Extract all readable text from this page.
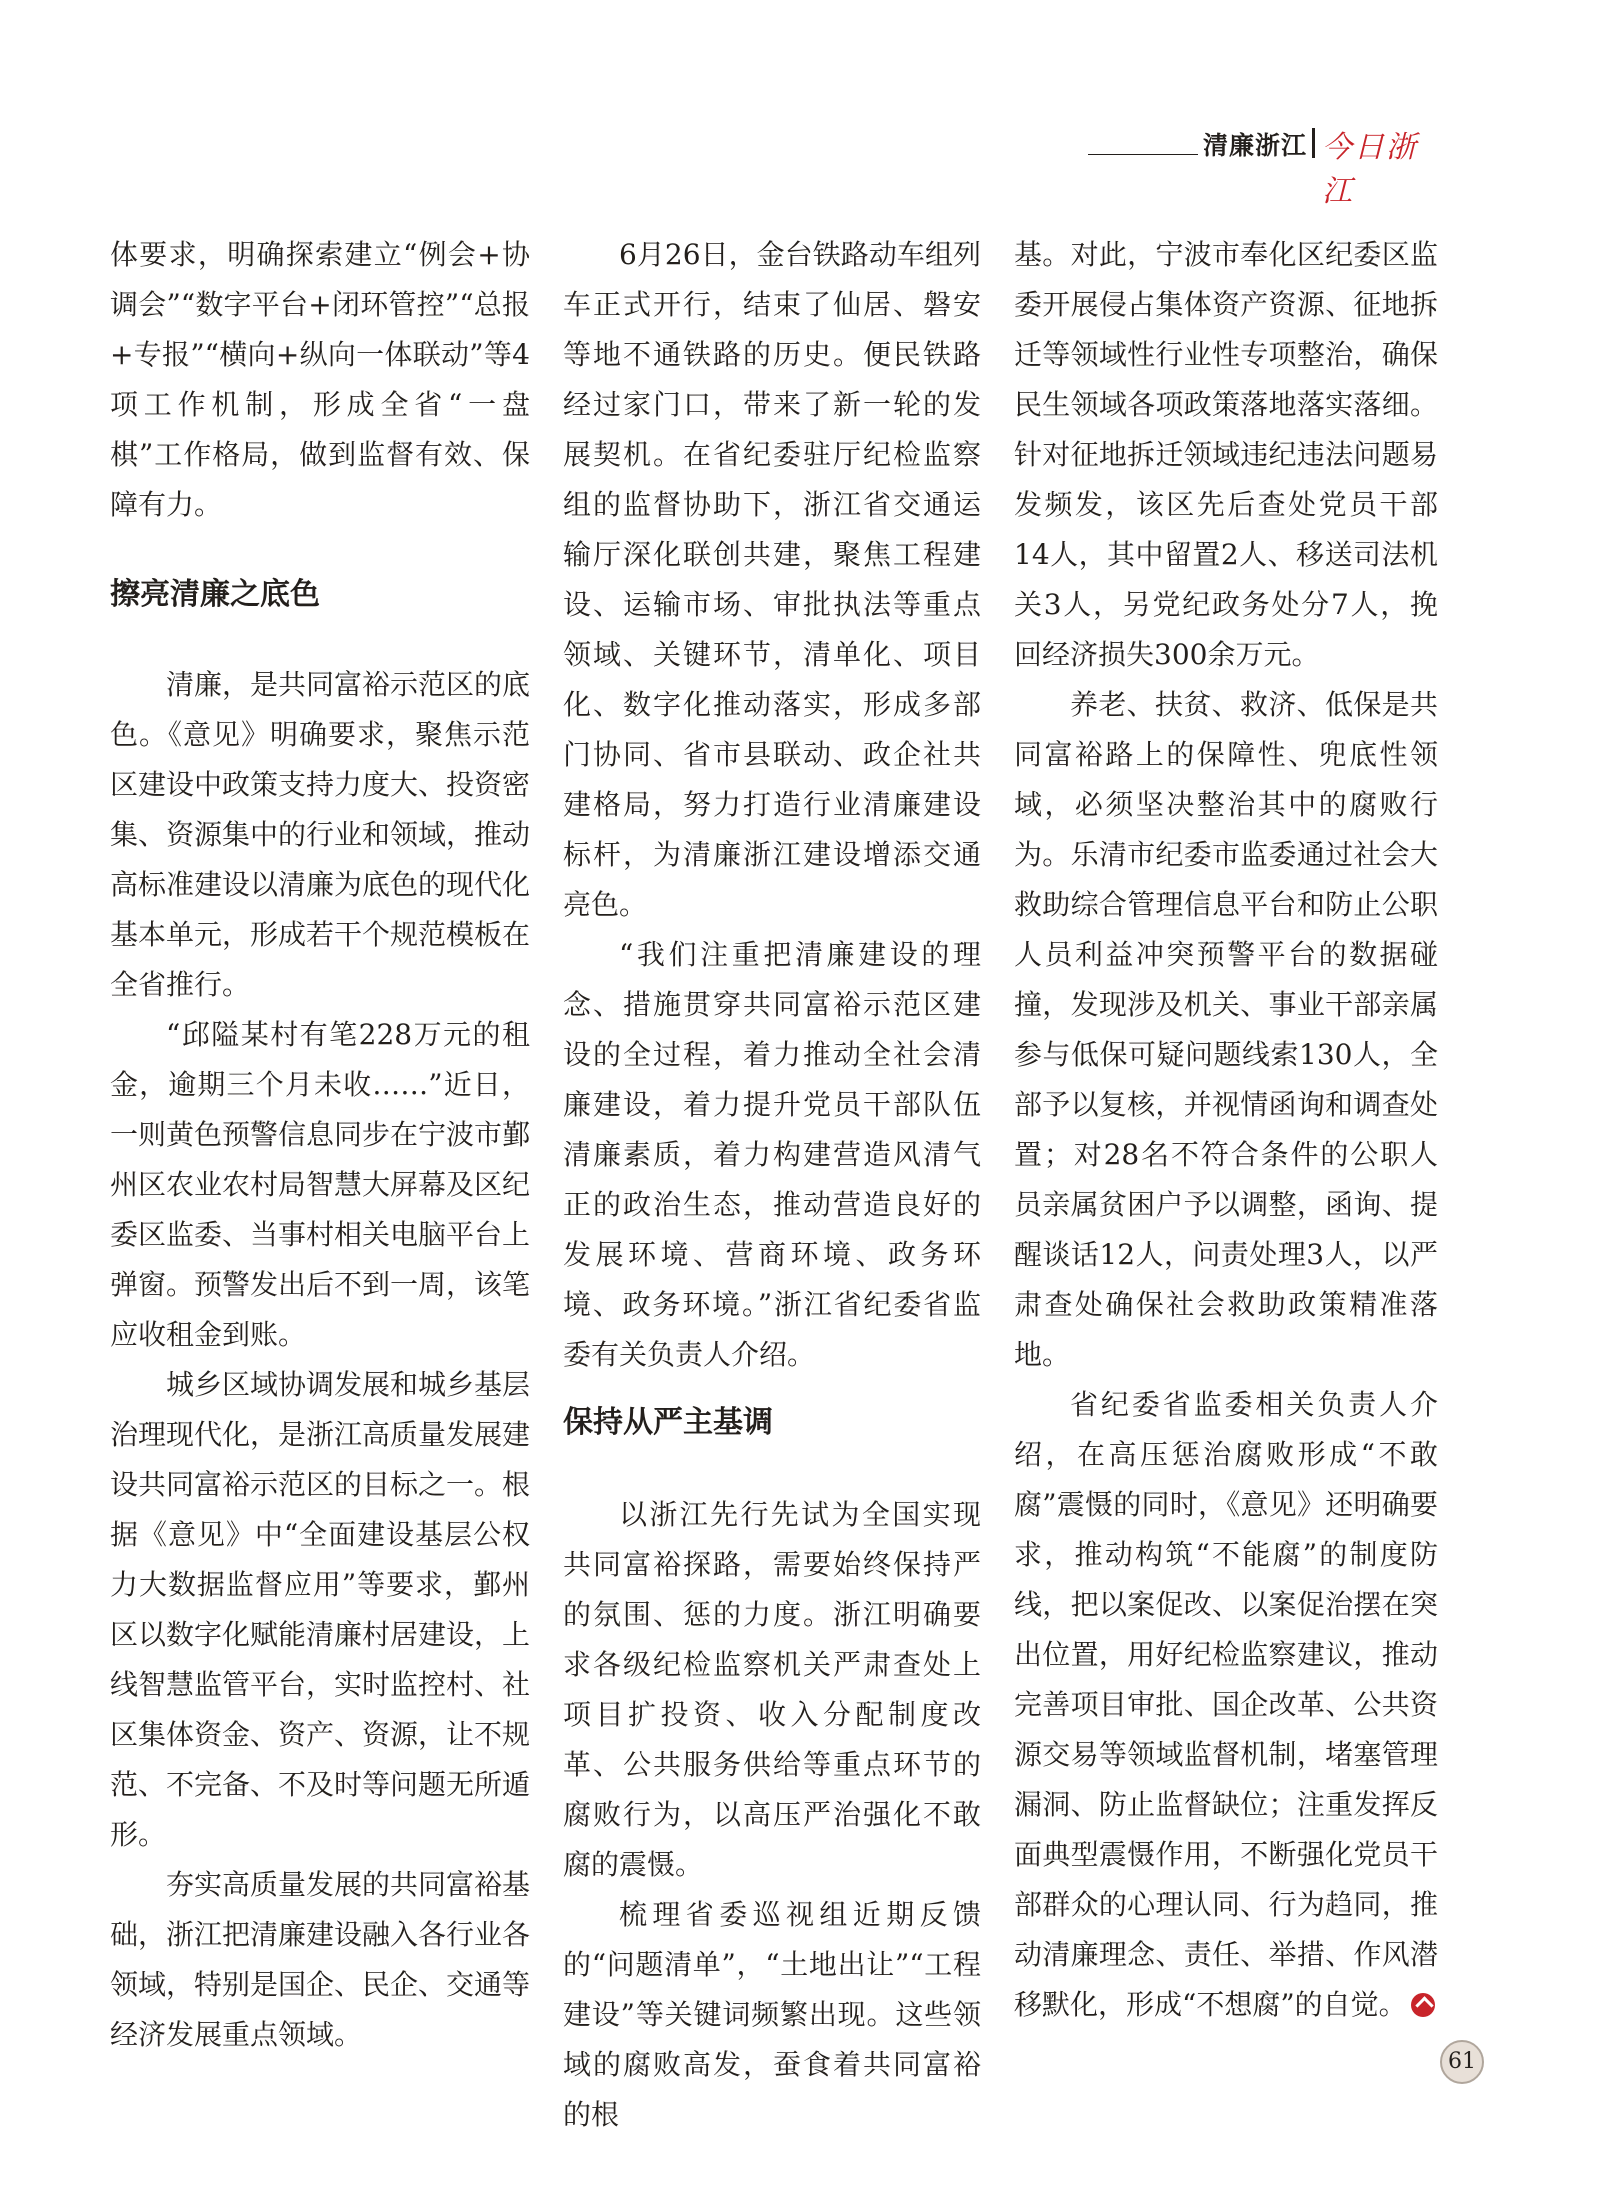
清廉浙江 今日浙江

体要求，明确探索建立“例会+协调会”“数字平台+闭环管控”“总报+专报”“横向+纵向一体联动”等4项工作机制，形成全省“一盘棋”工作格局，做到监督有效、保障有力。

擦亮清廉之底色

清廉，是共同富裕示范区的底色。《意见》明确要求，聚焦示范区建设中政策支持力度大、投资密集、资源集中的行业和领域，推动高标准建设以清廉为底色的现代化基本单元，形成若干个规范模板在全省推行。

“邱隘某村有笔228万元的租金，逾期三个月未收……”近日，一则黄色预警信息同步在宁波市鄞州区农业农村局智慧大屏幕及区纪委区监委、当事村相关电脑平台上弹窗。预警发出后不到一周，该笔应收租金到账。

城乡区域协调发展和城乡基层治理现代化，是浙江高质量发展建设共同富裕示范区的目标之一。根据《意见》中“全面建设基层公权力大数据监督应用”等要求，鄞州区以数字化赋能清廉村居建设，上线智慧监管平台，实时监控村、社区集体资金、资产、资源，让不规范、不完备、不及时等问题无所遁形。

夯实高质量发展的共同富裕基础，浙江把清廉建设融入各行业各领域，特别是国企、民企、交通等经济发展重点领域。

6月26日，金台铁路动车组列车正式开行，结束了仙居、磐安等地不通铁路的历史。便民铁路经过家门口，带来了新一轮的发展契机。在省纪委驻厅纪检监察组的监督协助下，浙江省交通运输厅深化联创共建，聚焦工程建设、运输市场、审批执法等重点领域、关键环节，清单化、项目化、数字化推动落实，形成多部门协同、省市县联动、政企社共建格局，努力打造行业清廉建设标杆，为清廉浙江建设增添交通亮色。

“我们注重把清廉建设的理念、措施贯穿共同富裕示范区建设的全过程，着力推动全社会清廉建设，着力提升党员干部队伍清廉素质，着力构建营造风清气正的政治生态，推动营造良好的发展环境、营商环境、政务环境、政务环境。”浙江省纪委省监委有关负责人介绍。

保持从严主基调

以浙江先行先试为全国实现共同富裕探路，需要始终保持严的氛围、惩的力度。浙江明确要求各级纪检监察机关严肃查处上项目扩投资、收入分配制度改革、公共服务供给等重点环节的腐败行为，以高压严治强化不敢腐的震慑。

梳理省委巡视组近期反馈的“问题清单”，“土地出让”“工程建设”等关键词频繁出现。这些领域的腐败高发，蚕食着共同富裕的根

基。对此，宁波市奉化区纪委区监委开展侵占集体资产资源、征地拆迁等领域性行业性专项整治，确保民生领域各项政策落地落实落细。针对征地拆迁领域违纪违法问题易发频发，该区先后查处党员干部14人，其中留置2人、移送司法机关3人，另党纪政务处分7人，挽回经济损失300余万元。

养老、扶贫、救济、低保是共同富裕路上的保障性、兜底性领域，必须坚决整治其中的腐败行为。乐清市纪委市监委通过社会大救助综合管理信息平台和防止公职人员利益冲突预警平台的数据碰撞，发现涉及机关、事业干部亲属参与低保可疑问题线索130人，全部予以复核，并视情函询和调查处置；对28名不符合条件的公职人员亲属贫困户予以调整，函询、提醒谈话12人，问责处理3人，以严肃查处确保社会救助政策精准落地。

省纪委省监委相关负责人介绍，在高压惩治腐败形成“不敢腐”震慑的同时，《意见》还明确要求，推动构筑“不能腐”的制度防线，把以案促改、以案促治摆在突出位置，用好纪检监察建议，推动完善项目审批、国企改革、公共资源交易等领域监督机制，堵塞管理漏洞、防止监督缺位；注重发挥反面典型震慑作用，不断强化党员干部群众的心理认同、行为趋同，推动清廉理念、责任、举措、作风潜移默化，形成“不想腐”的自觉。

61
